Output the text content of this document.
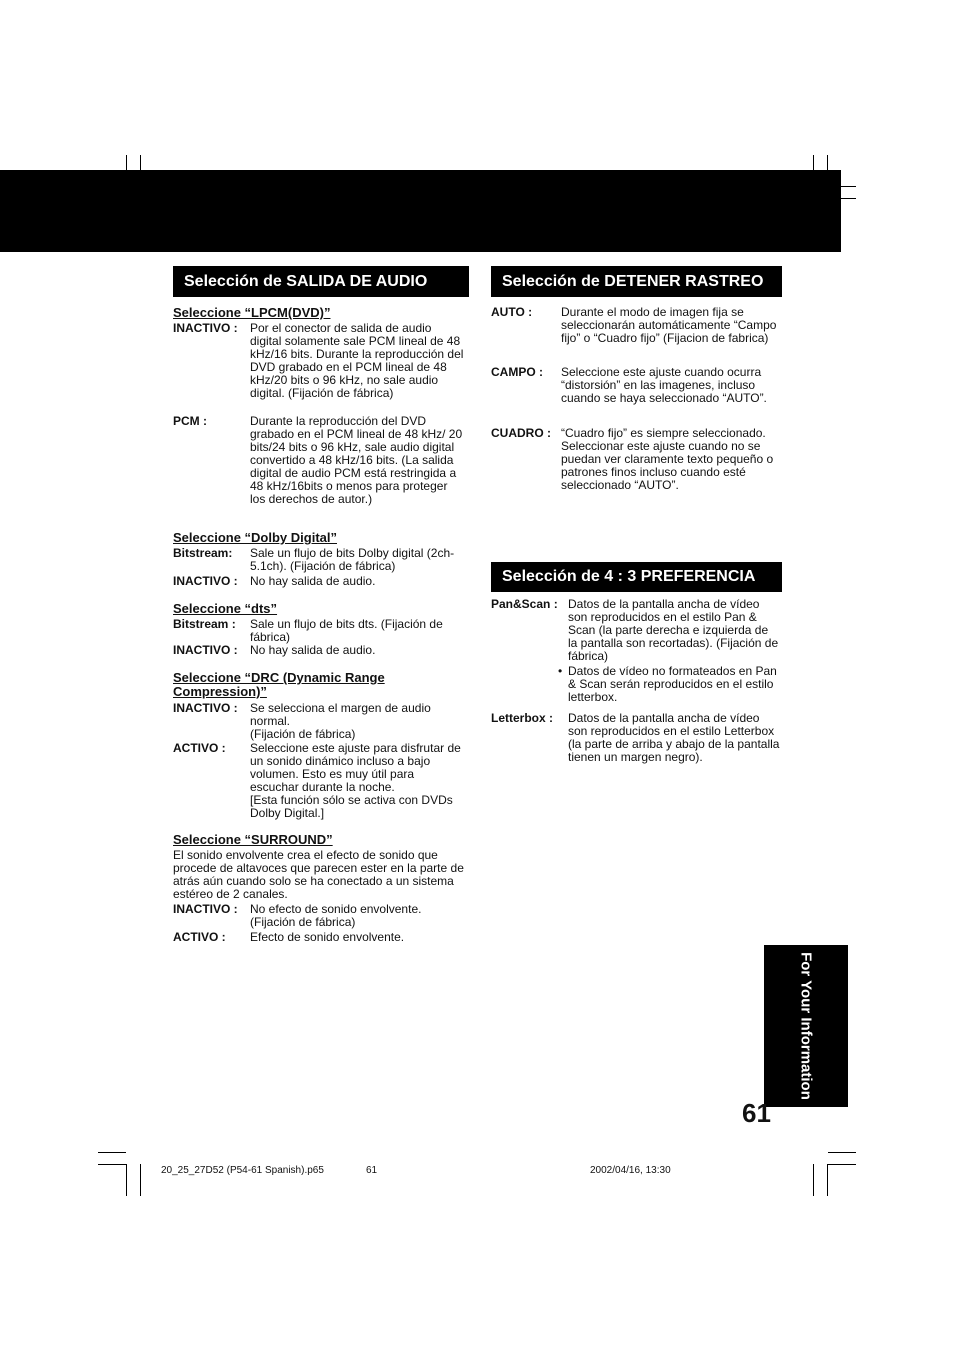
Selección de SALIDA DE AUDIO
Seleccione “LPCM(DVD)”
INACTIVO : Por el conector de salida de audio digital solamente sale PCM lineal de 48 kHz/16 bits. Durante la reproducción del DVD grabado en el PCM lineal de 48 kHz/20 bits o 96 kHz, no sale audio digital. (Fijación de fábrica)
PCM :	Durante la reproducción del DVD grabado en el PCM lineal de 48 kHz/ 20 bits/24 bits o 96 kHz, sale audio digital convertido a 48 kHz/16 bits. (La salida digital de audio PCM está restringida a 48 kHz/16bits o menos para proteger los derechos de autor.)
Seleccione “Dolby Digital”
Bitstream: Sale un flujo de bits Dolby digital (2ch-5.1ch). (Fijación de fábrica)
INACTIVO : No hay salida de audio.
Seleccione “dts”
Bitstream : Sale un flujo de bits dts. (Fijación de fábrica)
INACTIVO : No hay salida de audio.
Seleccione “DRC (Dynamic Range Compression)”
INACTIVO : Se selecciona el margen de audio normal.
(Fijación de fábrica)
ACTIVO : Seleccione este ajuste para disfrutar de un sonido dinámico incluso a bajo volumen. Esto es muy útil para escuchar durante la noche.
[Esta función sólo se activa con DVDs Dolby Digital.]
Seleccione “SURROUND”
El sonido envolvente crea el efecto de sonido que procede de altavoces que parecen ester en la parte de atrás aún cuando solo se ha conectado a un sistema estéreo de 2 canales.
INACTIVO : No efecto de sonido envolvente. (Fijación de fábrica)
ACTIVO : Efecto de sonido envolvente.
Selección de DETENER RASTREO
AUTO : Durante el modo de imagen fija se seleccionarán automáticamente “Campo fijo” o “Cuadro fijo” (Fijacion de fabrica)
CAMPO : Seleccione este ajuste cuando ocurra “distorsión” en las imagenes, incluso cuando se haya seleccionado “AUTO”.
CUADRO : “Cuadro fijo” es siempre seleccionado. Seleccionar este ajuste cuando no se puedan ver claramente texto pequeño o patrones finos incluso cuando esté seleccionado “AUTO”.
Selección de 4 : 3 PREFERENCIA
Pan&Scan : Datos de la pantalla ancha de vídeo son reproducidos en el estilo Pan & Scan (la parte derecha e izquierda de la pantalla son recortadas). (Fijación de fábrica)
• Datos de vídeo no formateados en Pan & Scan serán reproducidos en el estilo letterbox.
Letterbox : Datos de la pantalla ancha de vídeo son reproducidos en el estilo Letterbox (la parte de arriba y abajo de la pantalla tienen un margen negro).
For Your Information
61
20_25_27D52 (P54-61 Spanish).p65	61	2002/04/16, 13:30
